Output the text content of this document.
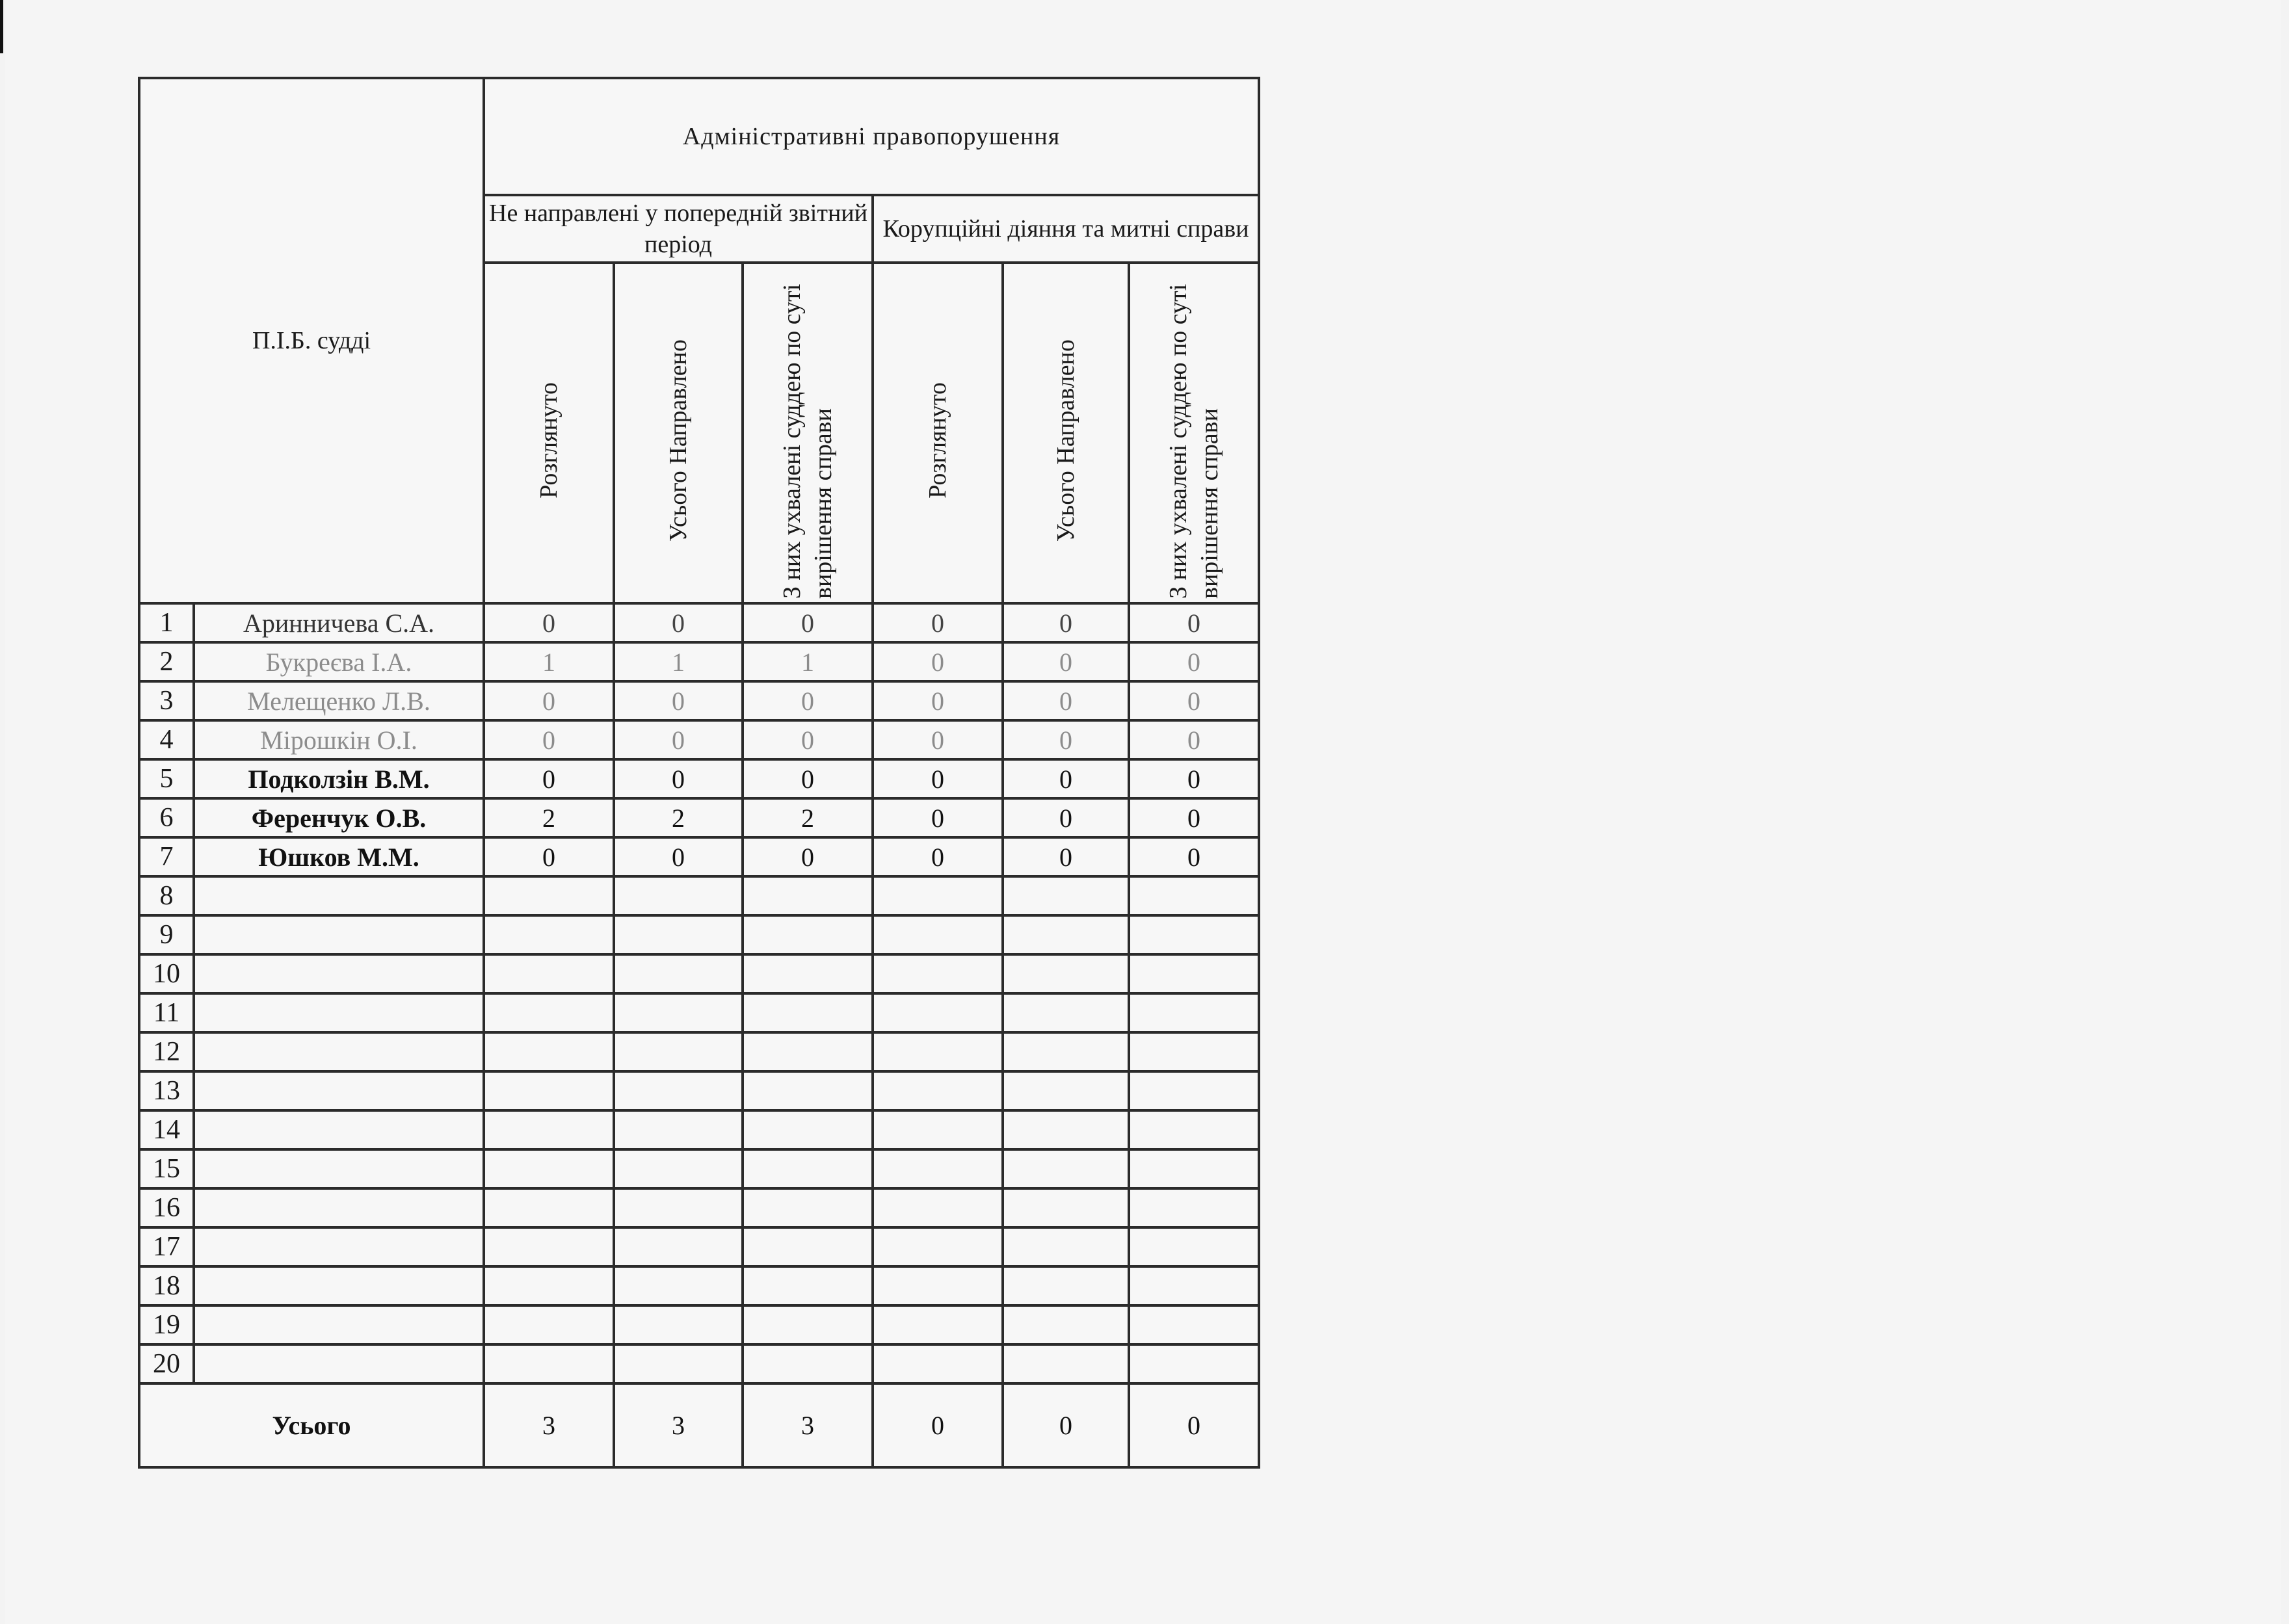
П.І.Б. судді		Адміністративні правопорушення					
		Не направлені у попередній звітний період			Корупційні діяння та митні справи		
		Розглянуто	Усього Направлено	З них ухвалені суддею по суті вирішення справи	Розглянуто	Усього Направлено	З них ухвалені суддею по суті вирішення справи
1	Аринничева С.А.	0	0	0	0	0	0
2	Букреєва І.А.	1	1	1	0	0	0
3	Мелещенко Л.В.	0	0	0	0	0	0
4	Мірошкін О.І.	0	0	0	0	0	0
5	Подколзін В.М.	0	0	0	0	0	0
6	Ференчук О.В.	2	2	2	0	0	0
7	Юшков М.М.	0	0	0	0	0	0
8							
9							
10							
11							
12							
13							
14							
15							
16							
17							
18							
19							
20							
Усього		3	3	3	0	0	0
